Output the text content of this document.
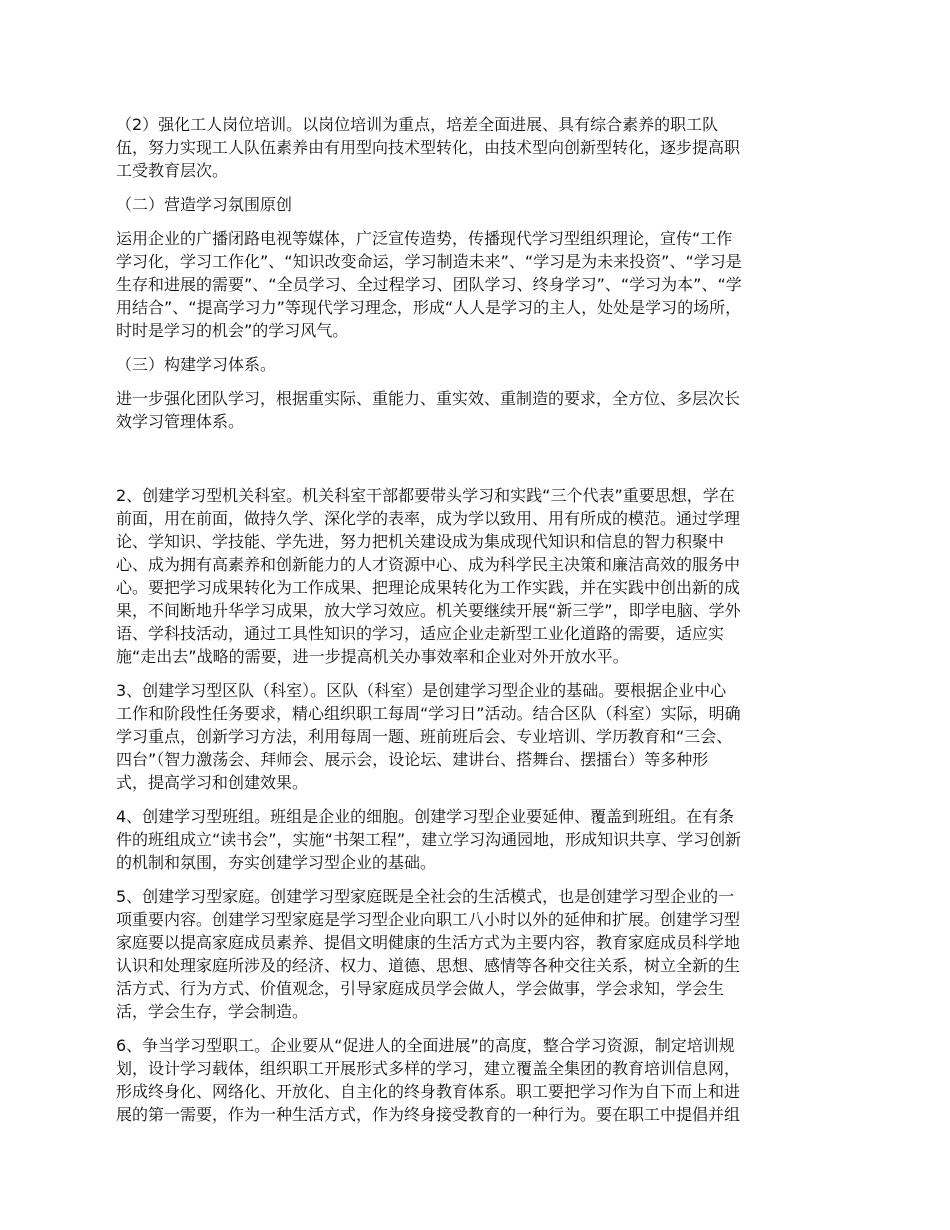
（2）强化工人岗位培训。以岗位培训为重点，培差全面进展、具有综合素养的职工队
伍，努力实现工人队伍素养由有用型向技术型转化，由技术型向创新型转化，逐步提高职
工受教育层次。

（二）营造学习氛围原创

运用企业的广播闭路电视等媒体，广泛宣传造势，传播现代学习型组织理论，宣传“工作
学习化，学习工作化”、“知识改变命运，学习制造未来”、“学习是为未来投资”、“学习是
生存和进展的需要”、“全员学习、全过程学习、团队学习、终身学习”、“学习为本”、“学
用结合”、“提高学习力”等现代学习理念，形成“人人是学习的主人，处处是学习的场所，
时时是学习的机会”的学习风气。

（三）构建学习体系。

进一步强化团队学习，根据重实际、重能力、重实效、重制造的要求，全方位、多层次长
效学习管理体系。

2、创建学习型机关科室。机关科室干部都要带头学习和实践“三个代表”重要思想，学在
前面，用在前面，做持久学、深化学的表率，成为学以致用、用有所成的模范。通过学理
论、学知识、学技能、学先进，努力把机关建设成为集成现代知识和信息的智力积聚中
心、成为拥有高素养和创新能力的人才资源中心、成为科学民主决策和廉洁高效的服务中
心。要把学习成果转化为工作成果、把理论成果转化为工作实践，并在实践中创出新的成
果，不间断地升华学习成果，放大学习效应。机关要继续开展“新三学”，即学电脑、学外
语、学科技活动，通过工具性知识的学习，适应企业走新型工业化道路的需要，适应实
施“走出去”战略的需要，进一步提高机关办事效率和企业对外开放水平。

3、创建学习型区队（科室）。区队（科室）是创建学习型企业的基础。要根据企业中心
工作和阶段性任务要求，精心组织职工每周“学习日”活动。结合区队（科室）实际，明确
学习重点，创新学习方法，利用每周一题、班前班后会、专业培训、学历教育和“三会、
四台”（智力激荡会、拜师会、展示会，设论坛、建讲台、搭舞台、摆擂台）等多种形
式，提高学习和创建效果。

4、创建学习型班组。班组是企业的细胞。创建学习型企业要延伸、覆盖到班组。在有条
件的班组成立“读书会”，实施“书架工程”，建立学习沟通园地，形成知识共享、学习创新
的机制和氛围，夯实创建学习型企业的基础。

5、创建学习型家庭。创建学习型家庭既是全社会的生活模式，也是创建学习型企业的一
项重要内容。创建学习型家庭是学习型企业向职工八小时以外的延伸和扩展。创建学习型
家庭要以提高家庭成员素养、提倡文明健康的生活方式为主要内容，教育家庭成员科学地
认识和处理家庭所涉及的经济、权力、道德、思想、感情等各种交往关系，树立全新的生
活方式、行为方式、价值观念，引导家庭成员学会做人，学会做事，学会求知，学会生
活，学会生存，学会制造。

6、争当学习型职工。企业要从“促进人的全面进展”的高度，整合学习资源，制定培训规
划，设计学习载体，组织职工开展形式多样的学习，建立覆盖全集团的教育培训信息网，
形成终身化、网络化、开放化、自主化的终身教育体系。职工要把学习作为自下而上和进
展的第一需要，作为一种生活方式，作为终身接受教育的一种行为。要在职工中提倡并组
